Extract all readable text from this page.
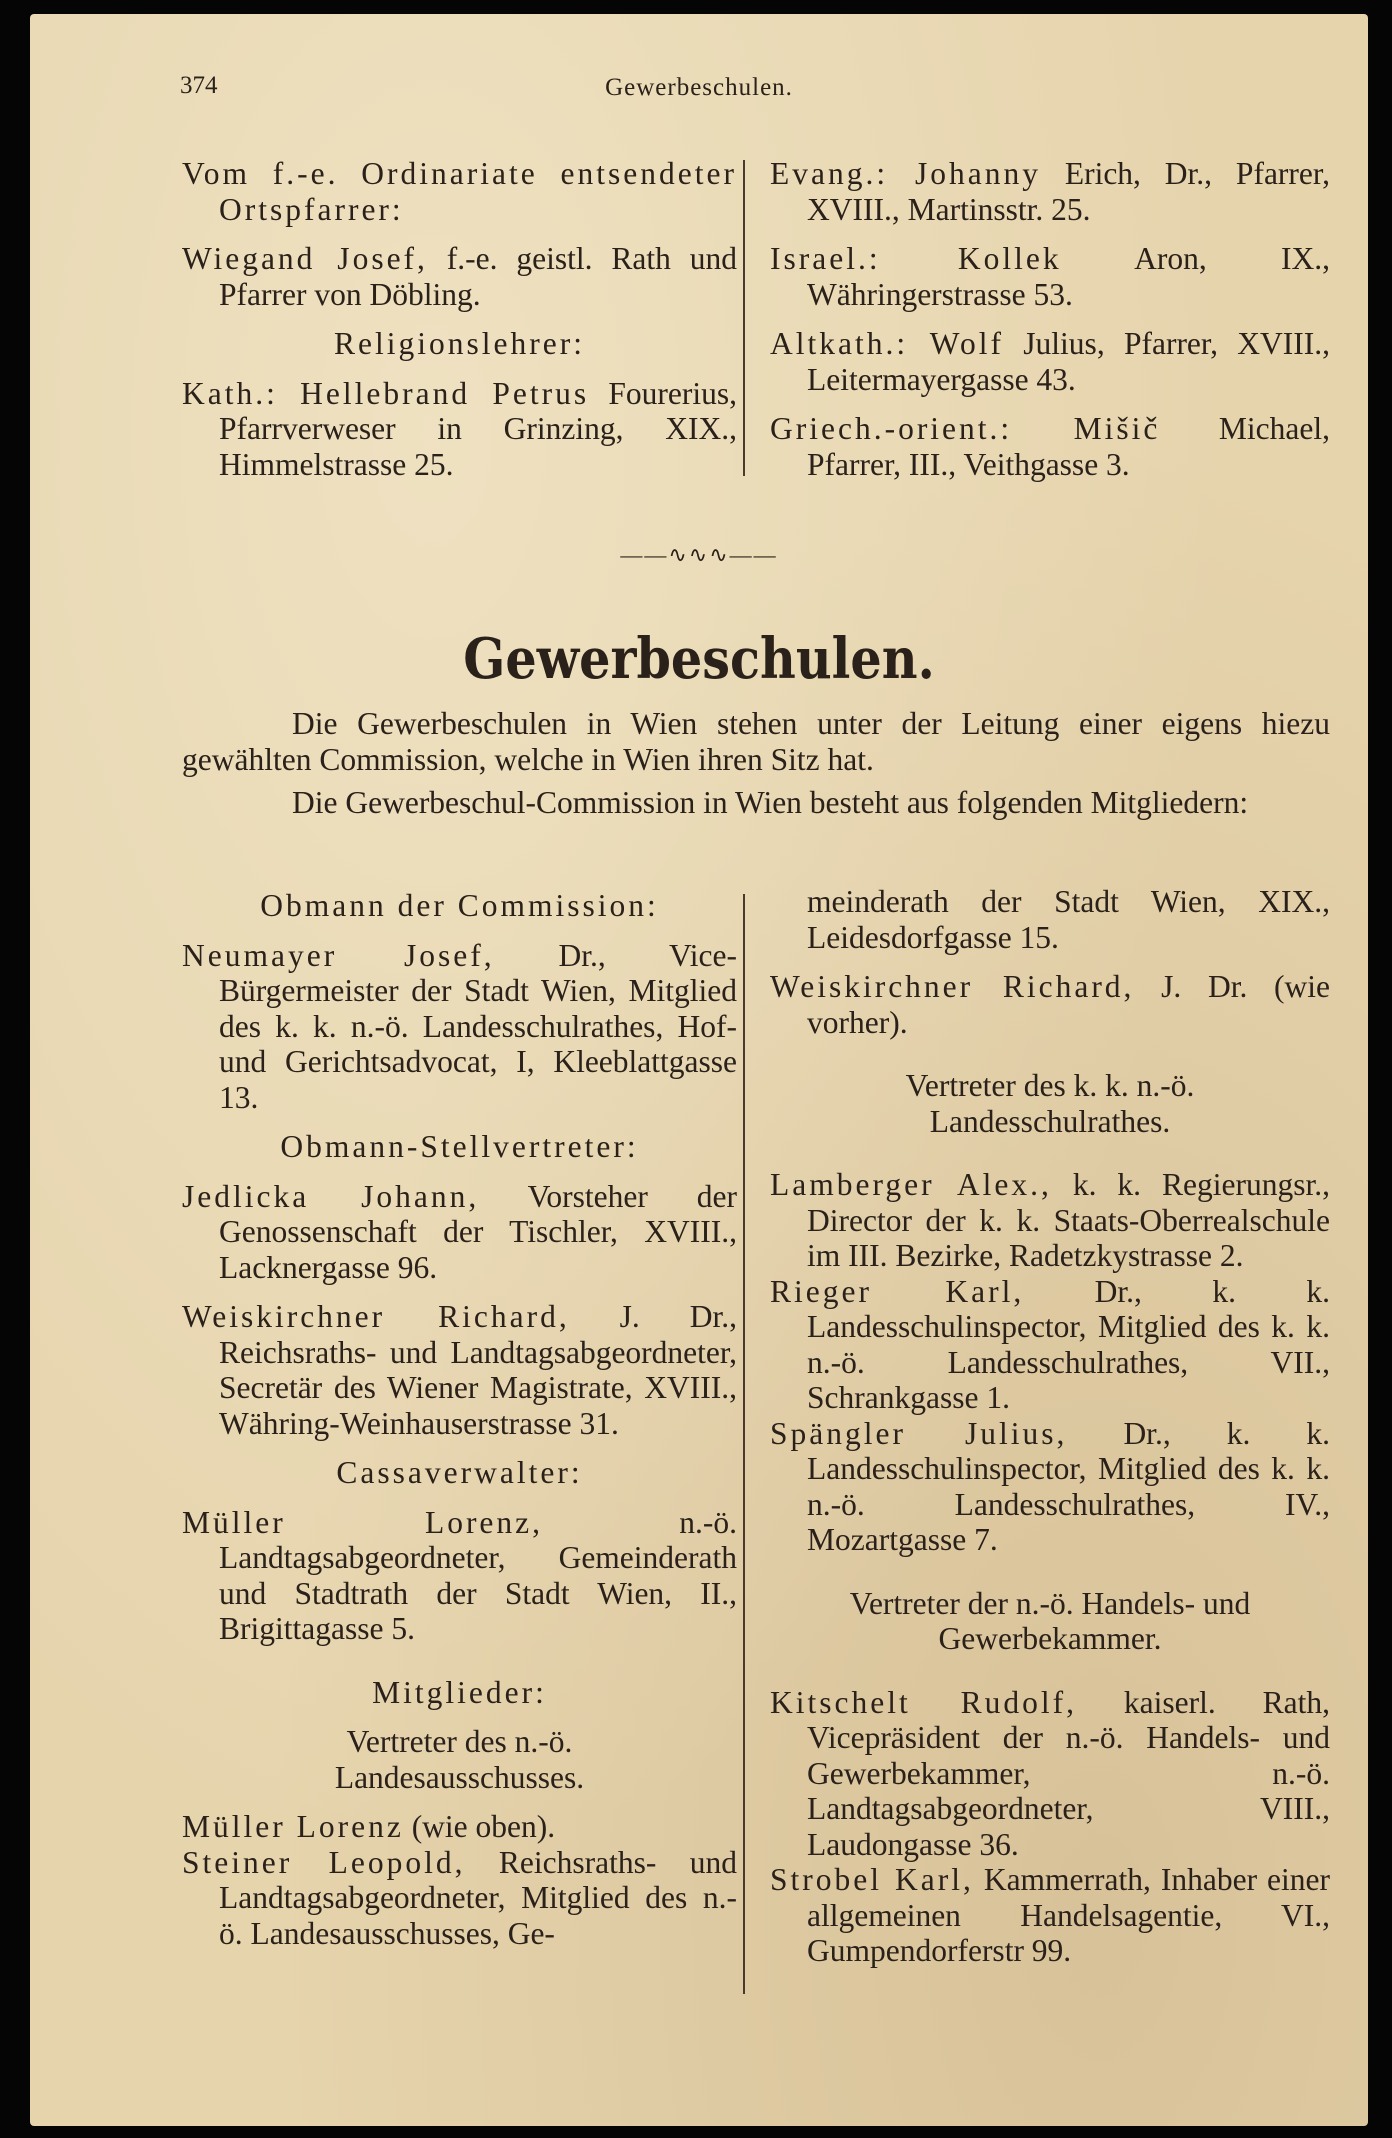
374	Gewerbeschulen.

Vom f.-e. Ordinariate entsendeter Ortspfarrer:

Wiegand Josef, f.-e. geistl. Rath und Pfarrer von Döbling.

Religionslehrer:

Kath.: Hellebrand Petrus Fourerius, Pfarrverweser in Grinzing, XIX., Himmelstrasse 25.

Evang.: Johanny Erich, Dr., Pfarrer, XVIII., Martinsstr. 25.

Israel.: Kollek Aron, IX., Währingerstrasse 53.

Altkath.: Wolf Julius, Pfarrer, XVIII., Leitermayergasse 43.

Griech.-orient.: Mišič Michael, Pfarrer, III., Veithgasse 3.

——∿∿∿——
Gewerbeschulen.

Die Gewerbeschulen in Wien stehen unter der Leitung einer eigens hiezu gewählten Commission, welche in Wien ihren Sitz hat.

Die Gewerbeschul-Commission in Wien besteht aus folgenden Mitgliedern:

Obmann der Commission:

Neumayer Josef, Dr., Vice-Bürgermeister der Stadt Wien, Mitglied des k. k. n.-ö. Landesschulrathes, Hof- und Gerichtsadvocat, I, Kleeblattgasse 13.

Obmann-Stellvertreter:

Jedlicka Johann, Vorsteher der Genossenschaft der Tischler, XVIII., Lacknergasse 96.

Weiskirchner Richard, J. Dr., Reichsraths- und Landtagsabgeordneter, Secretär des Wiener Magistrate, XVIII., Währing-Weinhauserstrasse 31.

Cassaverwalter:

Müller Lorenz,	n.-ö. Landtagsabgeordneter, Gemeinderath und Stadtrath der Stadt Wien, II., Brigittagasse 5.

Mitglieder:

Vertreter des n.-ö. Landesausschusses.

Müller Lorenz (wie oben).

Steiner Leopold, Reichsraths- und Landtagsabgeordneter, Mitglied des n.-ö. Landesausschusses, Ge-

meinderath der Stadt Wien, XIX., Leidesdorfgasse 15.

Weiskirchner Richard, J. Dr. (wie vorher).

Vertreter des k. k. n.-ö. Landesschulrathes.

Lamberger Alex., k. k. Regierungsr., Director der k. k. Staats-Oberrealschule im III. Bezirke, Radetzkystrasse 2.

Rieger Karl, Dr., k. k. Landesschulinspector, Mitglied des k. k. n.-ö. Landesschulrathes, VII., Schrankgasse 1.

Spängler Julius, Dr., k. k. Landesschulinspector, Mitglied des k. k. n.-ö. Landesschulrathes, IV., Mozartgasse 7.

Vertreter der n.-ö. Handels- und Gewerbekammer.

Kitschelt Rudolf, kaiserl. Rath, Vicepräsident der n.-ö. Handels- und Gewerbekammer, n.-ö. Landtagsabgeordneter, VIII., Laudongasse 36.

Strobel Karl, Kammerrath, Inhaber einer allgemeinen Handelsagentie, VI., Gumpendorferstr 99.
